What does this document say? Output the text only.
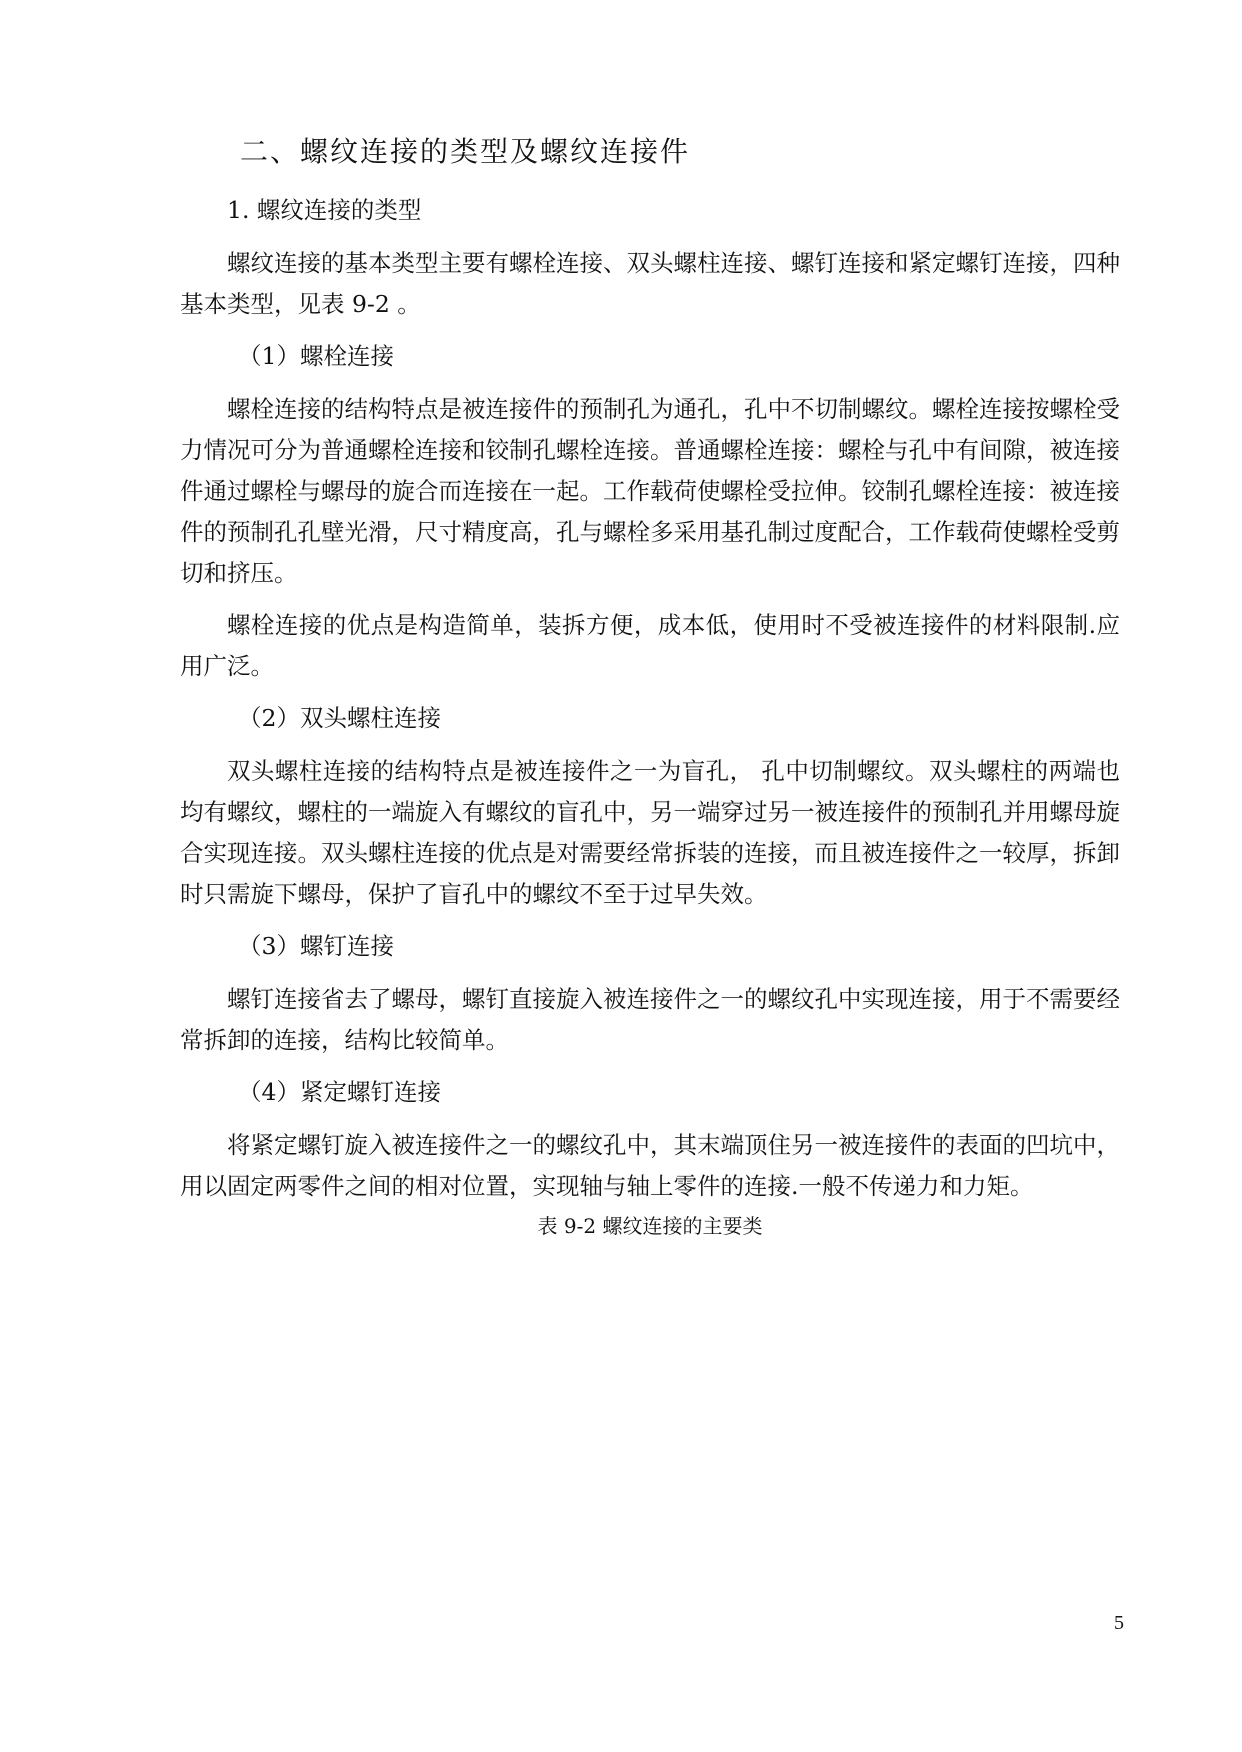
二、螺纹连接的类型及螺纹连接件
1. 螺纹连接的类型

螺纹连接的基本类型主要有螺栓连接、双头螺柱连接、螺钉连接和紧定螺钉连接，四种基本类型，见表 9-2 。

（1）螺栓连接

螺栓连接的结构特点是被连接件的预制孔为通孔，孔中不切制螺纹。螺栓连接按螺栓受力情况可分为普通螺栓连接和铰制孔螺栓连接。普通螺栓连接：螺栓与孔中有间隙，被连接件通过螺栓与螺母的旋合而连接在一起。工作载荷使螺栓受拉伸。铰制孔螺栓连接：被连接件的预制孔孔壁光滑，尺寸精度高，孔与螺栓多采用基孔制过度配合，工作载荷使螺栓受剪切和挤压。

螺栓连接的优点是构造简单，装拆方便，成本低，使用时不受被连接件的材料限制.应用广泛。

（2）双头螺柱连接

双头螺柱连接的结构特点是被连接件之一为盲孔， 孔中切制螺纹。双头螺柱的两端也均有螺纹，螺柱的一端旋入有螺纹的盲孔中，另一端穿过另一被连接件的预制孔并用螺母旋合实现连接。双头螺柱连接的优点是对需要经常拆装的连接，而且被连接件之一较厚，拆卸时只需旋下螺母，保护了盲孔中的螺纹不至于过早失效。

（3）螺钉连接

螺钉连接省去了螺母，螺钉直接旋入被连接件之一的螺纹孔中实现连接，用于不需要经常拆卸的连接，结构比较简单。

（4）紧定螺钉连接

将紧定螺钉旋入被连接件之一的螺纹孔中，其末端顶住另一被连接件的表面的凹坑中，用以固定两零件之间的相对位置，实现轴与轴上零件的连接.一般不传递力和力矩。

表 9-2 螺纹连接的主要类
5
